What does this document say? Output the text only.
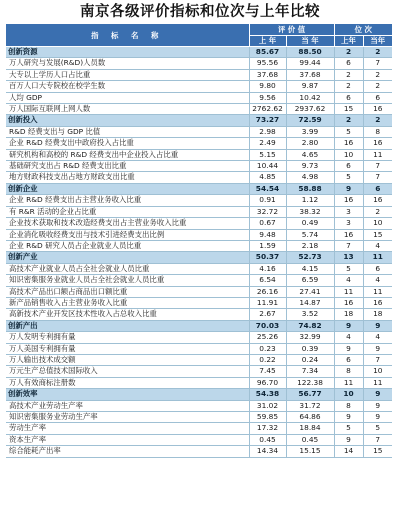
南京各级评价指标和位次与上年比较
指 标 名 称	评 价 值		位 次	
	上 年	当 年	上年	当年
创新资源	85.67	88.50	2	2
万人研究与发展(R&D)人员数	95.56	99.44	6	7
大专以上学历人口占比重	37.68	37.68	2	2
百万人口大专院校在校学生数	9.80	9.87	2	2
人均 GDP	9.56	10.42	6	6
万人国际互联网上网人数	2762.62	2937.62	15	16
创新投入	73.27	72.59	2	2
R&D 经费支出与 GDP 比值	2.98	3.99	5	8
企业 R&D 经费支出中政府投入占比重	2.49	2.80	16	16
研究机构和高校的 R&D 经费支出中企业投入占比重	5.15	4.65	10	11
基础研究支出占 R&D 经费支出比重	10.44	9.73	6	7
地方财政科技支出占地方财政支出比重	4.85	4.98	5	7
创新企业	54.54	58.88	9	6
企业 R&D 经费支出占主营业务收入比重	0.91	1.12	16	16
有 R&R 活动的企业占比重	32.72	38.32	3	2
企业技术获取和技术改造经费支出占主营业务收入比重	0.67	0.49	3	10
企业消化吸收经费支出与技术引进经费支出比例	9.48	5.74	16	15
企业 R&D 研究人员占企业就业人员比重	1.59	2.18	7	4
创新产业	50.37	52.73	13	11
高技术产业就业人员占全社会就业人员比重	4.16	4.15	5	6
知识密集服务业就业人员占全社会就业人员比重	6.54	6.59	4	4
高技术产品出口额占商品出口额比重	26.16	27.41	11	11
新产品销售收入占主营业务收入比重	11.91	14.87	16	16
高新技术产业开发区技术性收入占总收入比重	2.67	3.52	18	18
创新产出	70.03	74.82	9	9
万人发明专利拥有量	25.26	32.99	4	4
万人美国专利拥有量	0.23	0.39	9	9
万人输出技术成交额	0.22	0.24	6	7
万元生产总值技术国际收入	7.45	7.34	8	10
万人有效商标注册数	96.70	122.38	11	11
创新效率	54.38	56.77	10	9
高技术产业劳动生产率	31.02	31.72	8	9
知识密集服务业劳动生产率	59.85	64.86	9	9
劳动生产率	17.32	18.84	5	5
资本生产率	0.45	0.45	9	7
综合能耗产出率	14.34	15.15	14	15
